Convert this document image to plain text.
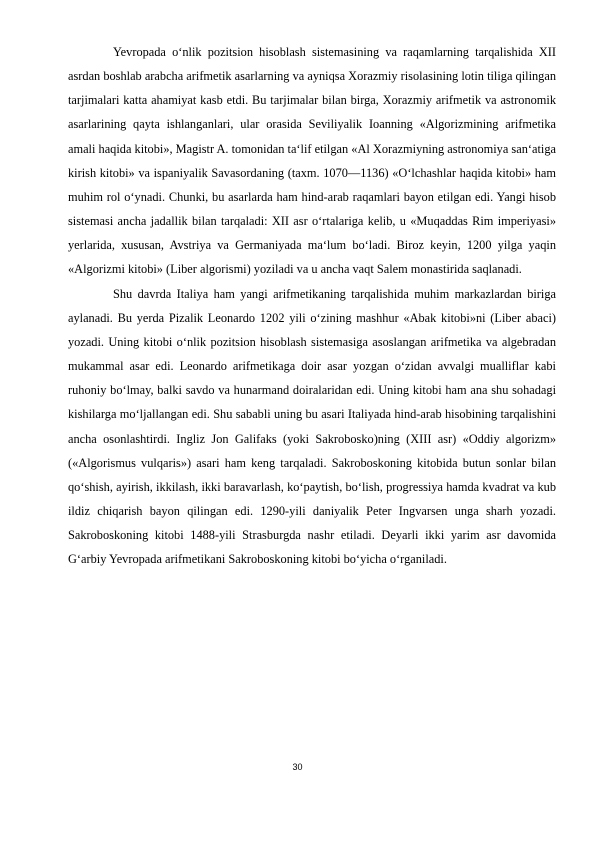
Yevropada o‘nlik pozitsion hisoblash sistemasining va raqamlarning tarqalishida XII asrdan boshlab arabcha arifmetik asarlarning va ayniqsa Xorazmiy risolasining lotin tiliga qilingan tarjimalari katta ahamiyat kasb etdi. Bu tarjimalar bilan birga, Xorazmiy arifmetik va astronomik asarlarining qayta ishlanganlari, ular orasida Seviliyalik Ioanning «Algorizmining arifmetika amali haqida kitobi», Magistr A. tomonidan ta‘lif etilgan «Al Xorazmiyning astronomiya san‘atiga kirish kitobi» va ispaniyalik Savasordaning (taxm. 1070—1136) «O‘lchashlar haqida kitobi» ham muhim rol o‘ynadi. Chunki, bu asarlarda ham hind-arab raqamlari bayon etilgan edi. Yangi hisob sistemasi ancha jadallik bilan tarqaladi: XII asr o‘rtalariga kelib, u «Muqaddas Rim imperiyasi» yerlarida, xususan, Avstriya va Germaniyada ma‘lum bo‘ladi. Biroz keyin, 1200 yilga yaqin «Algorizmi kitobi» (Liber algorismi) yoziladi va u ancha vaqt Salem monastirida saqlanadi.

Shu davrda Italiya ham yangi arifmetikaning tarqalishida muhim markazlardan biriga aylanadi. Bu yerda Pizalik Leonardo 1202 yili o‘zining mashhur «Abak kitobi»ni (Liber abaci) yozadi. Uning kitobi o‘nlik pozitsion hisoblash sistemasiga asoslangan arifmetika va algebradan mukammal asar edi. Leonardo arifmetikaga doir asar yozgan o‘zidan avvalgi mualliflar kabi ruhoniy bo‘lmay, balki savdo va hunarmand doiralaridan edi. Uning kitobi ham ana shu sohadagi kishilarga mo‘ljallangan edi. Shu sababli uning bu asari Italiyada hind-arab hisobining tarqalishini ancha osonlashtirdi. Ingliz Jon Galifaks (yoki Sakrobosko)ning (XIII asr) «Oddiy algorizm» («Algorismus vulqaris») asari ham keng tarqaladi. Sakroboskoning kitobida butun sonlar bilan qo‘shish, ayirish, ikkilash, ikki baravarlash, ko‘paytish, bo‘lish, progressiya hamda kvadrat va kub ildiz chiqarish bayon qilingan edi. 1290-yili daniyalik Peter Ingvarsen unga sharh yozadi. Sakroboskoning kitobi 1488-yili Strasburgda nashr etiladi. Deyarli ikki yarim asr davomida G‘arbiy Yevropada arifmetikani Sakroboskoning kitobi bo‘yicha o‘rganiladi.

30
